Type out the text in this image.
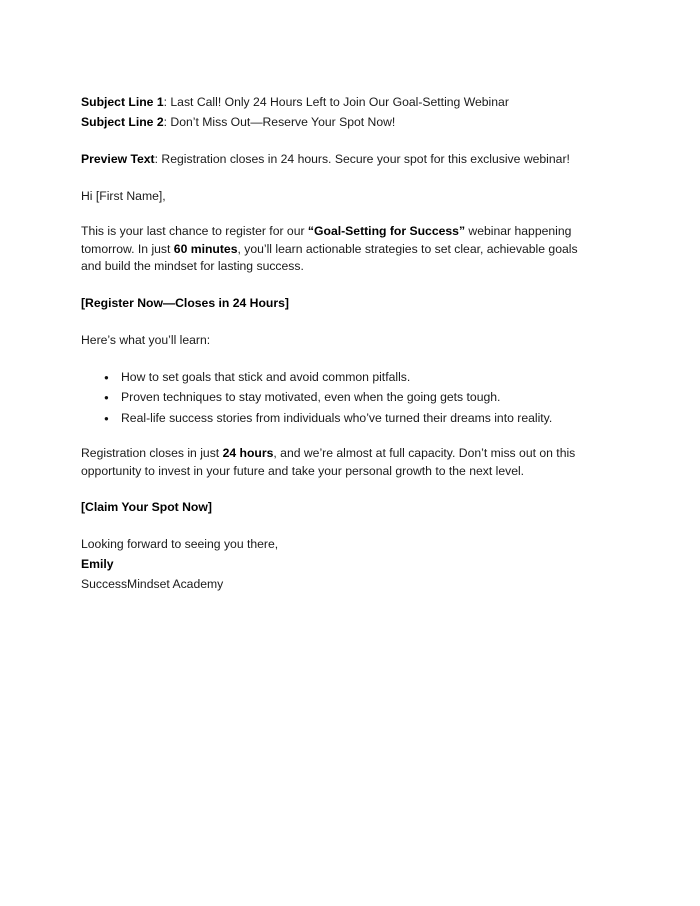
Subject Line 1: Last Call! Only 24 Hours Left to Join Our Goal-Setting Webinar
Subject Line 2: Don’t Miss Out—Reserve Your Spot Now!
Preview Text: Registration closes in 24 hours. Secure your spot for this exclusive webinar!
Hi [First Name],

This is your last chance to register for our “Goal-Setting for Success” webinar happening tomorrow. In just 60 minutes, you’ll learn actionable strategies to set clear, achievable goals and build the mindset for lasting success.

[Register Now—Closes in 24 Hours]
Here’s what you’ll learn:
● How to set goals that stick and avoid common pitfalls.
● Proven techniques to stay motivated, even when the going gets tough.
● Real-life success stories from individuals who’ve turned their dreams into reality.

Registration closes in just 24 hours, and we’re almost at full capacity. Don’t miss out on this opportunity to invest in your future and take your personal growth to the next level.

[Claim Your Spot Now]
Looking forward to seeing you there,
Emily
SuccessMindset Academy
